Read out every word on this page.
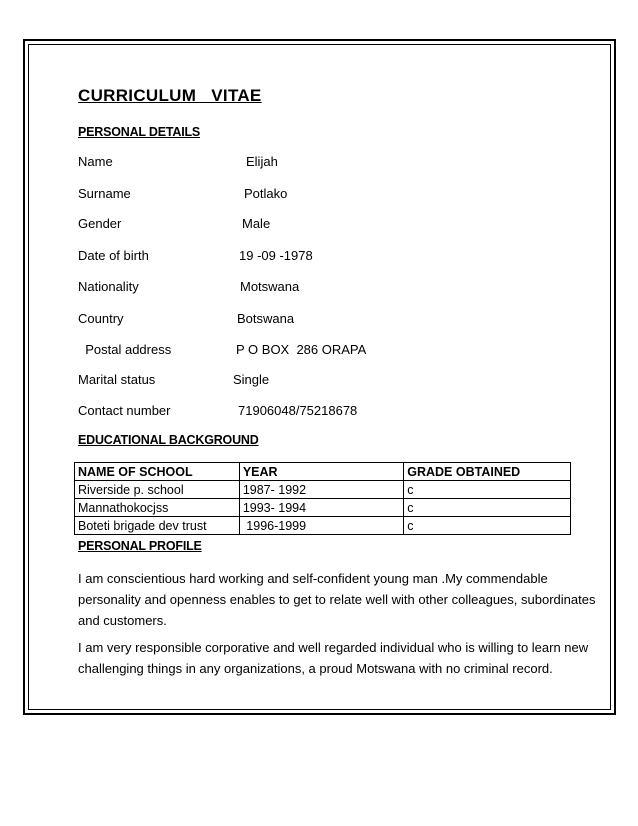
CURRICULUM   VITAE
PERSONAL DETAILS
Name	Elijah
Surname	Potlako
Gender	Male
Date of birth	19 -09 -1978
Nationality	Motswana
Country	Botswana
Postal address	P O BOX  286 ORAPA
Marital status	Single
Contact number	71906048/75218678
EDUCATIONAL BACKGROUND
NAME OF SCHOOL	YEAR	GRADE OBTAINED
Riverside p. school	1987- 1992	c
Mannathokocjss	1993- 1994	c
Boteti brigade dev trust	1996-1999	c
PERSONAL PROFILE
I am conscientious hard working and self-confident young man .My commendable personality and openness enables to get to relate well with other colleagues, subordinates and customers.
I am very responsible corporative and well regarded individual who is willing to learn new challenging things in any organizations, a proud Motswana with no criminal record.
